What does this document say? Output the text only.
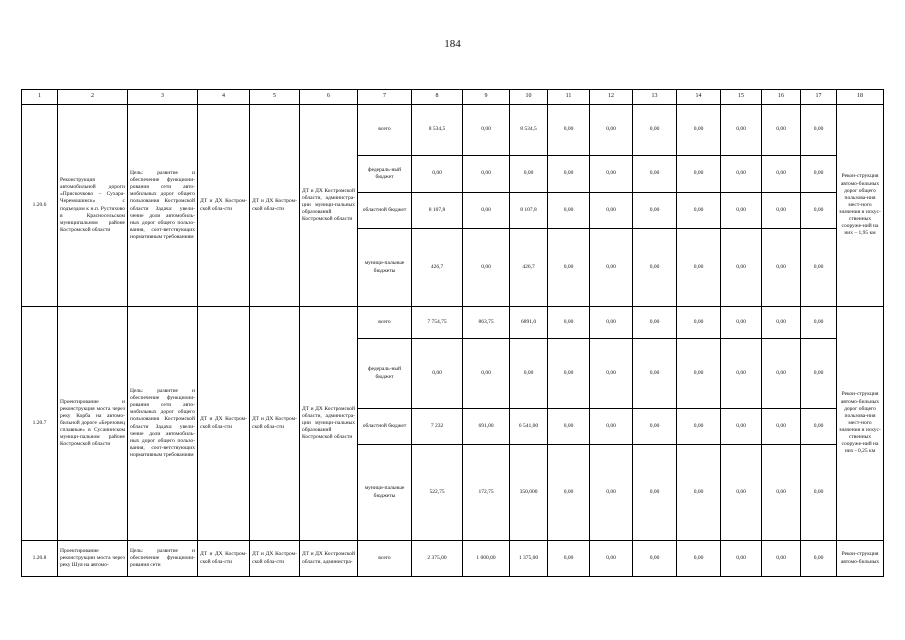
184
1	2	3	4	5	6	7	8	9	10	11	12	13	14	15	16	17	18
1.20.6	Реконструкция автомобильной дороги «Прискочково – Сухара-Черемошинск» с подъездом к н.п. Рустихово в Красносельском муниципальном районе Костромской области	Цель: развитие и обеспечение функциони-рования сети авто-мобильных дорог общего пользования Костромской области Задача: увели-чение доли автомобиль-ных дорог общего пользо-вания, соот-ветствующих нормативным требованиям	ДТ и ДХ Костром-ской обла-сти	ДТ и ДХ Костром-ской обла-сти	ДТ и ДХ Костромской области, администра-ции муници-пальных образований Костромской области	всего	8 534,5	0,00	8 534,5	0,00	0,00	0,00	0,00	0,00	0,00	0,00	Рекон-струкция автомо-бильных дорог общего пользова-ния мест-ного значения и искус-ственных сооруже-ний на них – 1,95 км
						федераль-ный бюджет	0,00	0,00	0,00	0,00	0,00	0,00	0,00	0,00	0,00	0,00	
						областной бюджет	8 107,8	0,00	8 107,8	0,00	0,00	0,00	0,00	0,00	0,00	0,00	
						муници-пальные бюджеты	426,7	0,00	426,7	0,00	0,00	0,00	0,00	0,00	0,00	0,00	
1.20.7	Проектирование и реконструкция моста через реку Корба на автомо-бильной дороге «Березовец сплавные» в Сусанинском муници-пальном районе Костромской области	Цель: развитие и обеспечение функциони-рования сети авто-мобильных дорог общего пользования Костромской области Задача: увели-чение доли автомобиль-ных дорог общего пользо-вания, соот-ветствующих нормативным требованиям	ДТ и ДХ Костром-ской обла-сти	ДТ и ДХ Костром-ской обла-сти	ДТ и ДХ Костромской области, администра-ции муници-пальных образований Костромской области	всего	7 754,75	863,75	6891,0	0,00	0,00	0,00	0,00	0,00	0,00	0,00	Рекон-струкция автомо-бильных дорог общего пользова-ния мест-ного значения и искус-ственных сооруже-ний на них - 0,25 км
						федераль-ный бюджет	0,00	0,00	0,00	0,00	0,00	0,00	0,00	0,00	0,00	0,00	
						областной бюджет	7 232	691,00	6 541,00	0,00	0,00	0,00	0,00	0,00	0,00	0,00	
						муници-пальные бюджеты	522,75	172,75	350,000	0,00	0,00	0,00	0,00	0,00	0,00	0,00	
1.20.8	Проектирование реконструкции моста через реку Шуя на автомо-	Цель: развитие и обеспечение функциони-рования сети	ДТ и ДХ Костром-ской обла-сти	ДТ и ДХ Костром-ской обла-сти	ДТ и ДХ Костромской области, администра-	всего	2 375,00	1 000,00	1 375,00	0,00	0,00	0,00	0,00	0,00	0,00	0,00	Рекон-струкция автомо-бильных
